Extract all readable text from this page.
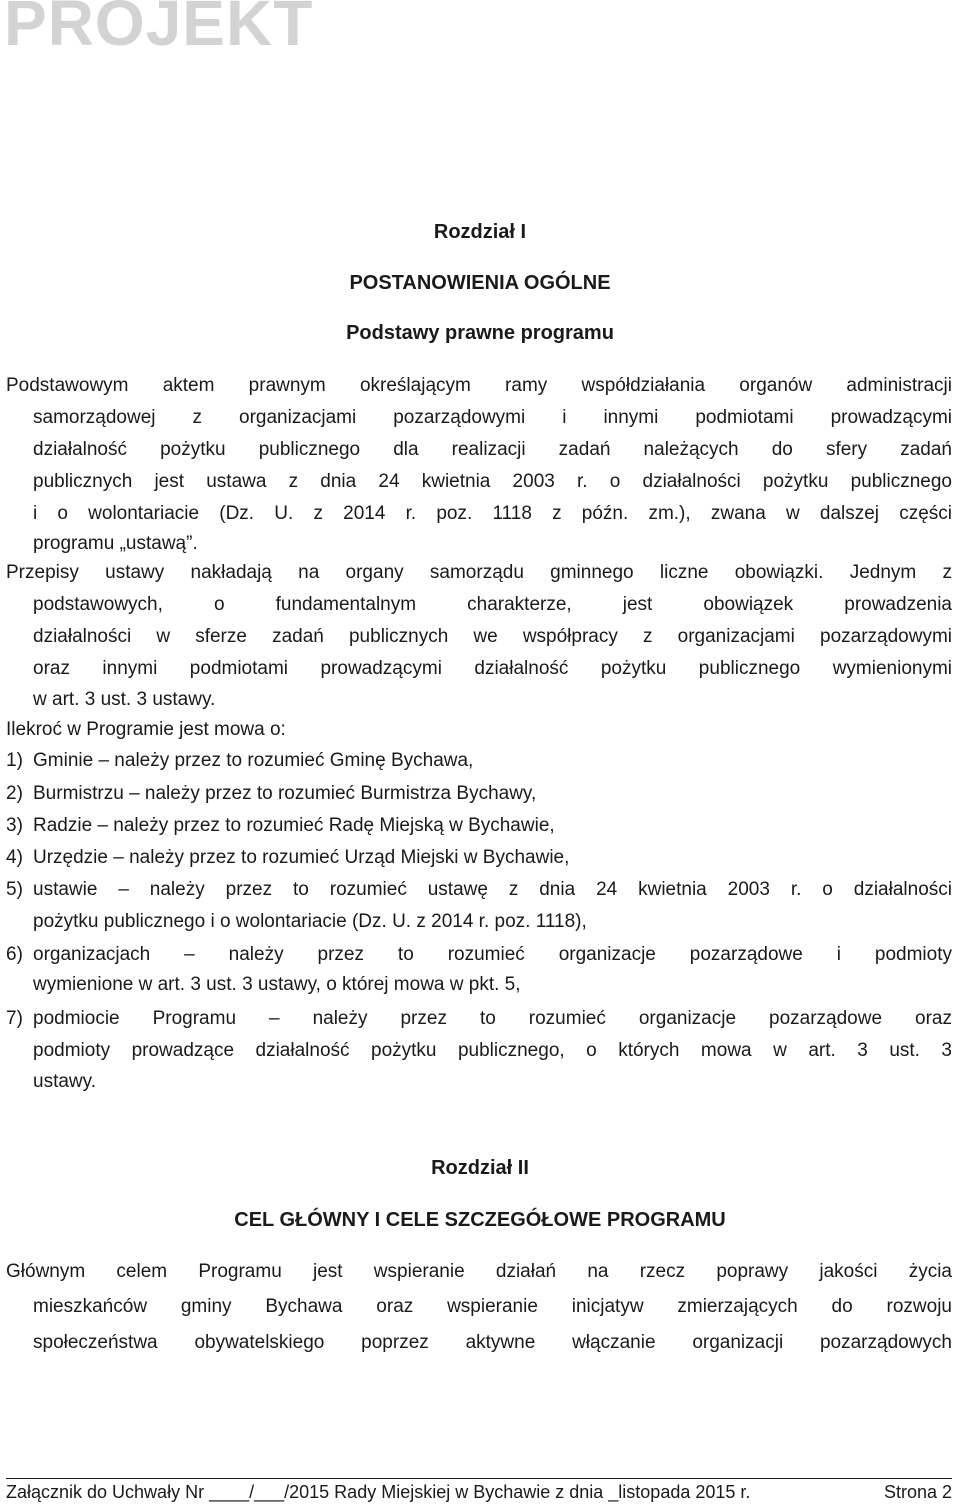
PROJEKT
Rozdział I
POSTANOWIENIA OGÓLNE
Podstawy prawne programu
Podstawowym aktem prawnym określającym ramy współdziałania organów administracji
samorządowej z organizacjami pozarządowymi i innymi podmiotami prowadzącymi
działalność pożytku publicznego dla realizacji zadań należących do sfery zadań
publicznych jest ustawa z dnia 24 kwietnia 2003 r. o działalności pożytku publicznego
i o wolontariacie (Dz. U. z 2014 r. poz. 1118 z późn. zm.), zwana w dalszej części
programu „ustawą”.
Przepisy ustawy nakładają na organy samorządu gminnego liczne obowiązki. Jednym z
podstawowych, o fundamentalnym charakterze, jest obowiązek prowadzenia
działalności w sferze zadań publicznych we współpracy z organizacjami pozarządowymi
oraz innymi podmiotami prowadzącymi działalność pożytku publicznego wymienionymi
w art. 3 ust. 3 ustawy.
Ilekroć w Programie jest mowa o:
1) Gminie – należy przez to rozumieć Gminę Bychawa,
2) Burmistrzu – należy przez to rozumieć Burmistrza Bychawy,
3) Radzie – należy przez to rozumieć Radę Miejską w Bychawie,
4) Urzędzie – należy przez to rozumieć Urząd Miejski w Bychawie,
5) ustawie – należy przez to rozumieć ustawę z dnia 24 kwietnia 2003 r. o działalności
pożytku publicznego i o wolontariacie (Dz. U. z 2014 r. poz. 1118),
6) organizacjach – należy przez to rozumieć organizacje pozarządowe i podmioty
wymienione w art. 3 ust. 3 ustawy, o której mowa w pkt. 5,
7) podmiocie Programu – należy przez to rozumieć organizacje pozarządowe oraz
podmioty prowadzące działalność pożytku publicznego, o których mowa w art. 3 ust. 3
ustawy.
Rozdział II
CEL GŁÓWNY I CELE SZCZEGÓŁOWE PROGRAMU
Głównym celem Programu jest wspieranie działań na rzecz poprawy jakości życia
mieszkańców gminy Bychawa oraz wspieranie inicjatyw zmierzających do rozwoju
społeczeństwa obywatelskiego poprzez aktywne włączanie organizacji pozarządowych
Załącznik do Uchwały Nr ____/___/2015 Rady Miejskiej w Bychawie z dnia _listopada 2015 r.	Strona 2
